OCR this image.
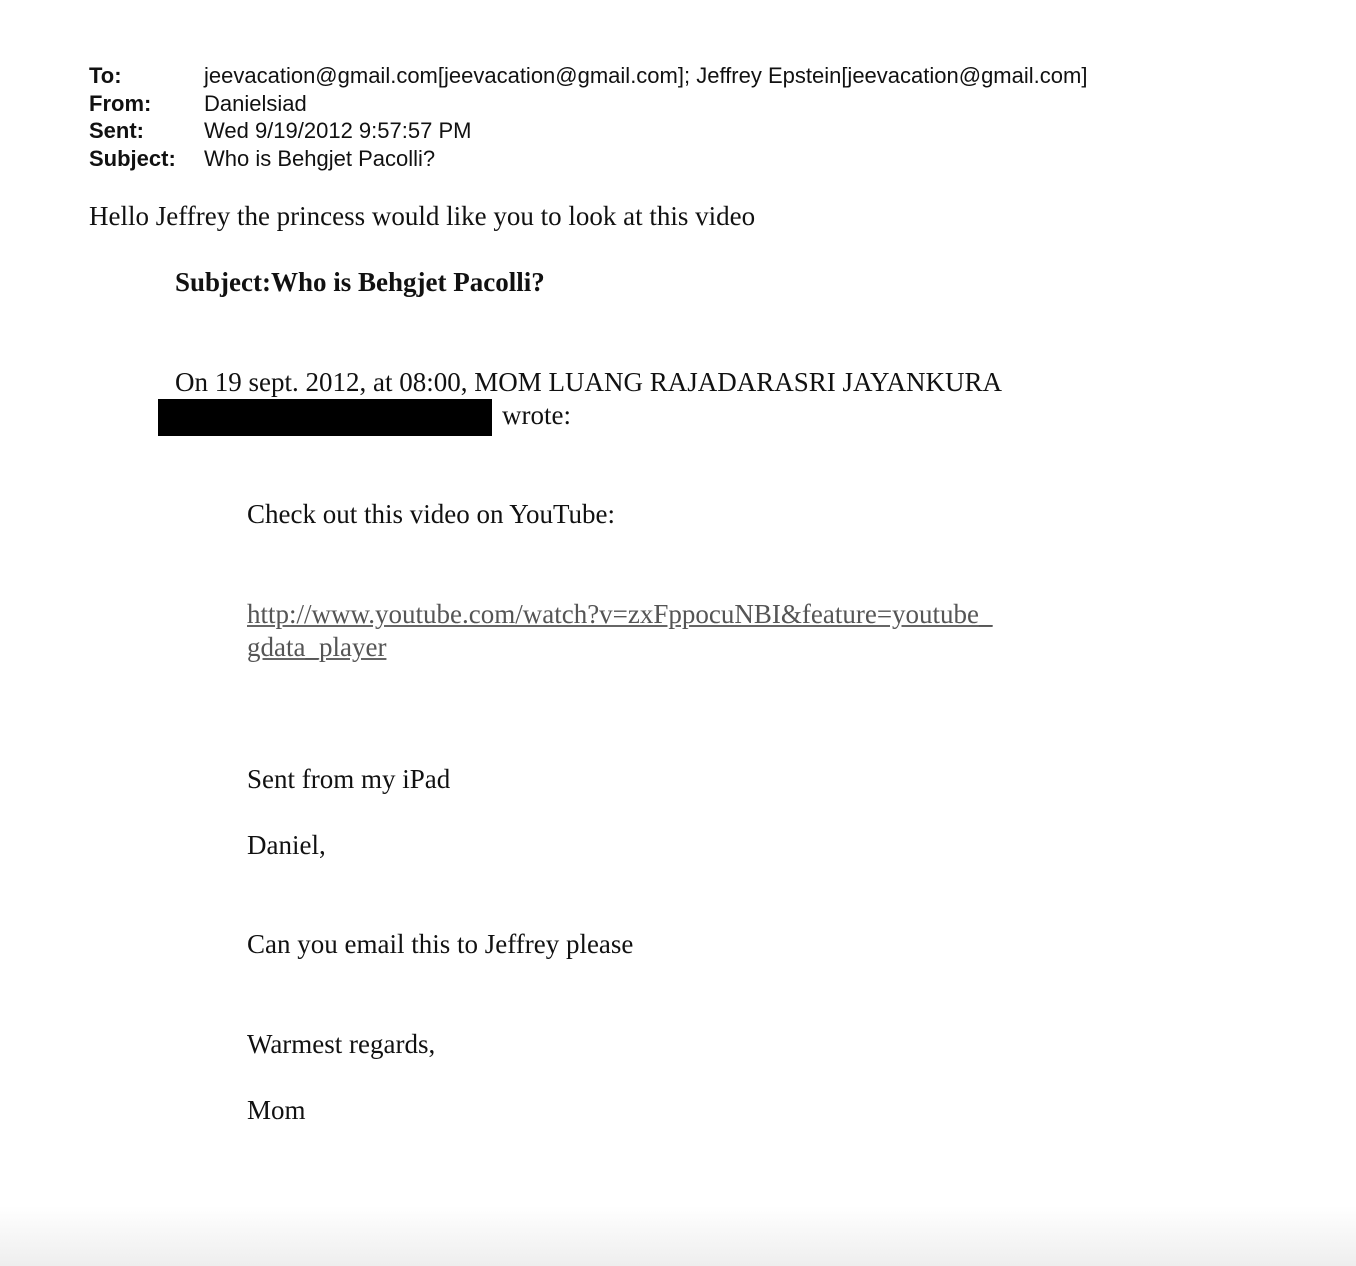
To:	jeevacation@gmail.com[jeevacation@gmail.com]; Jeffrey Epstein[jeevacation@gmail.com]
From:	Danielsiad
Sent:	Wed 9/19/2012 9:57:57 PM
Subject:	Who is Behgjet Pacolli?
Hello Jeffrey the princess would like you to look at this video
Subject:Who is Behgjet Pacolli?
On 19 sept. 2012, at 08:00, MOM LUANG RAJADARASRI JAYANKURA
wrote:
Check out this video on YouTube:
http://www.youtube.com/watch?v=zxFppocuNBI&feature=youtube_
gdata_player
Sent from my iPad
Daniel,
Can you email this to Jeffrey please
Warmest regards,
Mom
